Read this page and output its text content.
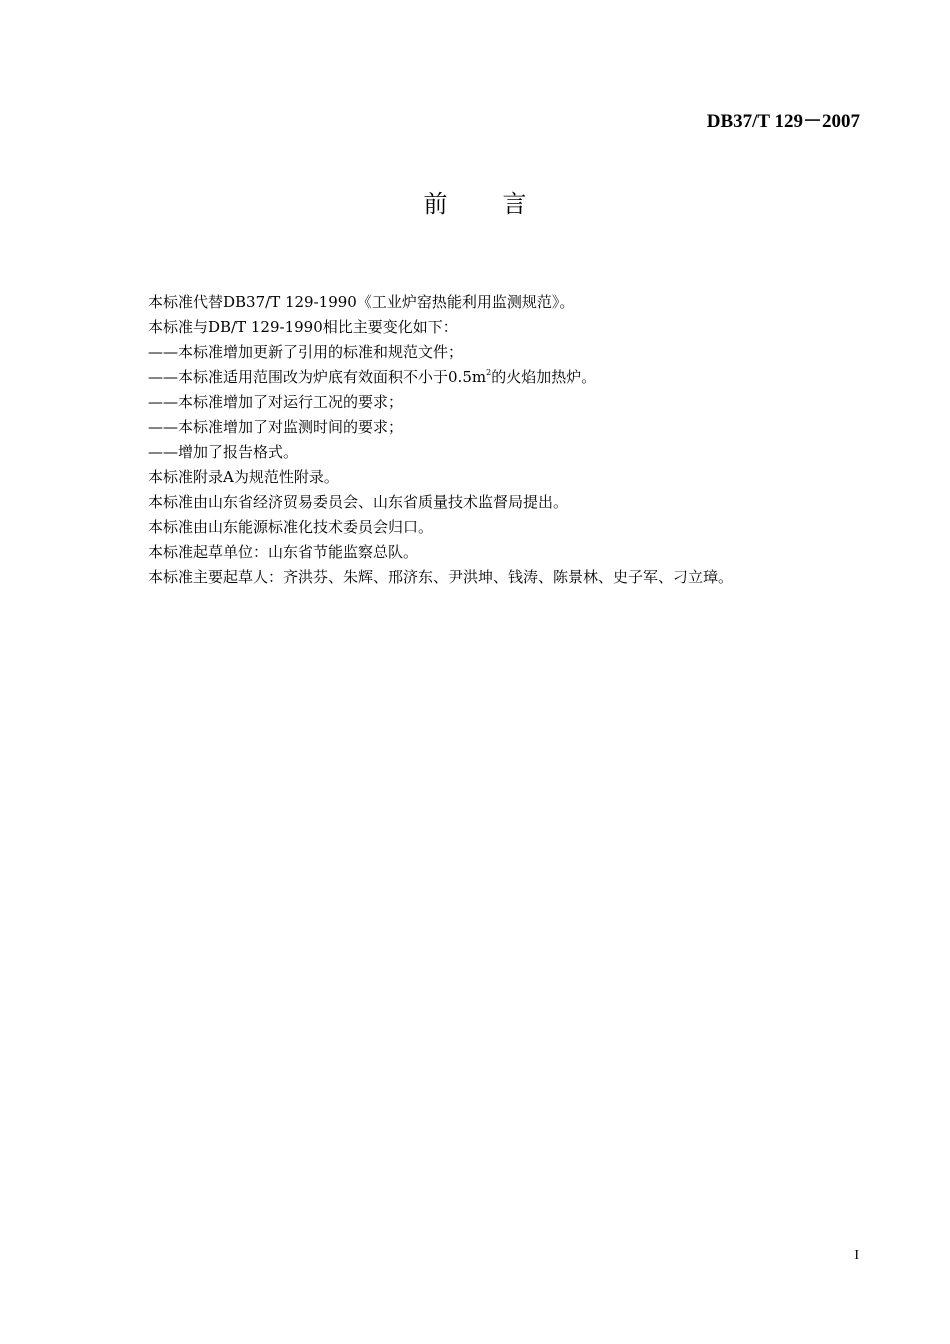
DB37/T 129－2007
前言
本标准代替DB37/T 129-1990《工业炉窑热能利用监测规范》。
本标准与DB/T 129-1990相比主要变化如下：
——本标准增加更新了引用的标准和规范文件；
——本标准适用范围改为炉底有效面积不小于$0.5m^2$的火焰加热炉。
——本标准增加了对运行工况的要求；
——本标准增加了对监测时间的要求；
——增加了报告格式。
本标准附录A为规范性附录。
本标准由山东省经济贸易委员会、山东省质量技术监督局提出。
本标准由山东能源标准化技术委员会归口。
本标准起草单位：山东省节能监察总队。
本标准主要起草人：齐洪芬、朱辉、邢济东、尹洪坤、钱涛、陈景林、史子军、刁立璋。
I
